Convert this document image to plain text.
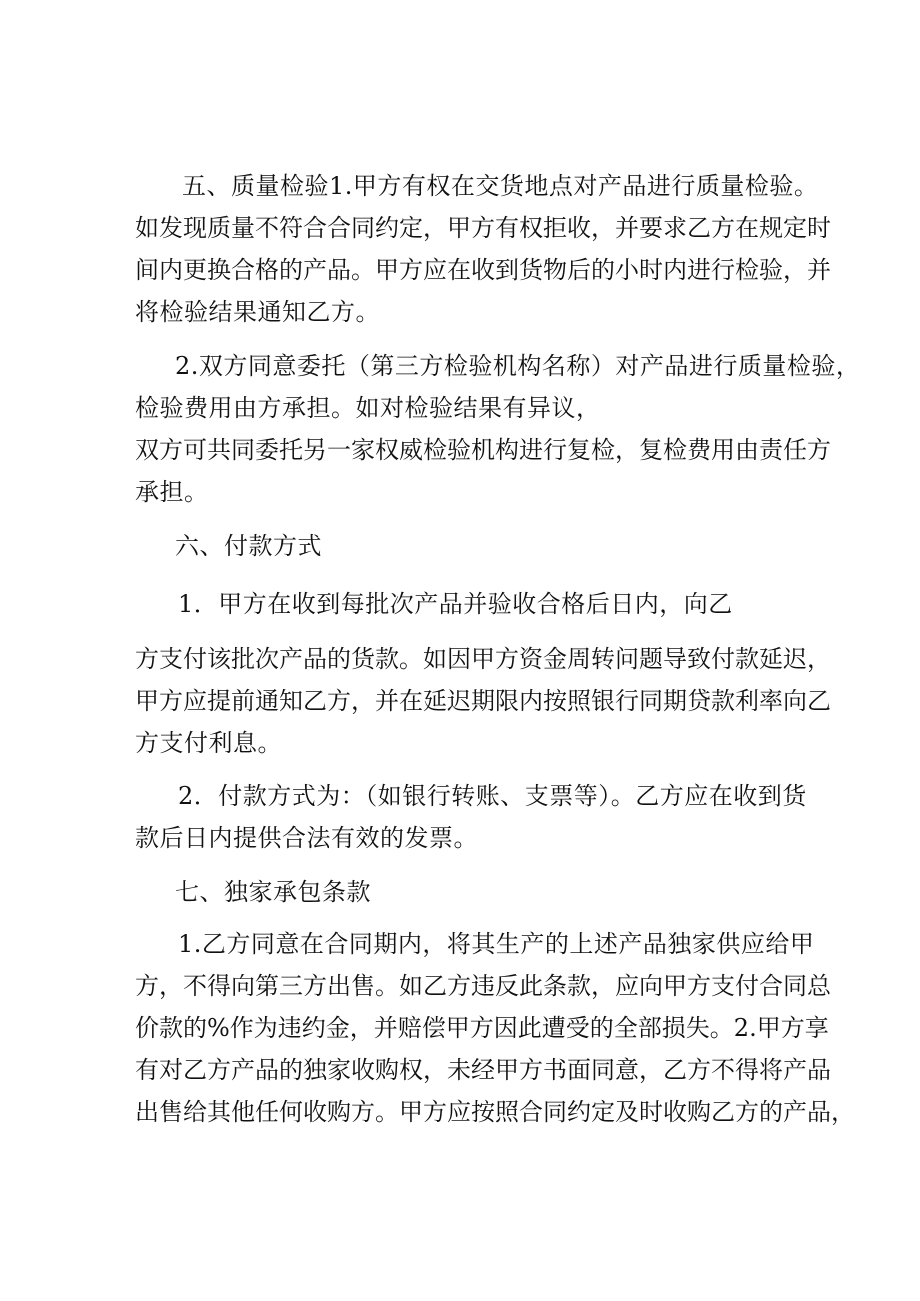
五、质量检验1.甲方有权在交货地点对产品进行质量检验。
如发现质量不符合合同约定，甲方有权拒收，并要求乙方在规定时
间内更换合格的产品。甲方应在收到货物后的小时内进行检验，并
将检验结果通知乙方。
2.双方同意委托（第三方检验机构名称）对产品进行质量检验，
检验费用由方承担。如对检验结果有异议，
双方可共同委托另一家权威检验机构进行复检，复检费用由责任方
承担。
六、付款方式
1．甲方在收到每批次产品并验收合格后日内，向乙
方支付该批次产品的货款。如因甲方资金周转问题导致付款延迟，
甲方应提前通知乙方，并在延迟期限内按照银行同期贷款利率向乙
方支付利息。
2．付款方式为：（如银行转账、支票等）。乙方应在收到货
款后日内提供合法有效的发票。
七、独家承包条款
1.乙方同意在合同期内，将其生产的上述产品独家供应给甲
方，不得向第三方出售。如乙方违反此条款，应向甲方支付合同总
价款的%作为违约金，并赔偿甲方因此遭受的全部损失。2.甲方享
有对乙方产品的独家收购权，未经甲方书面同意，乙方不得将产品
出售给其他任何收购方。甲方应按照合同约定及时收购乙方的产品，
